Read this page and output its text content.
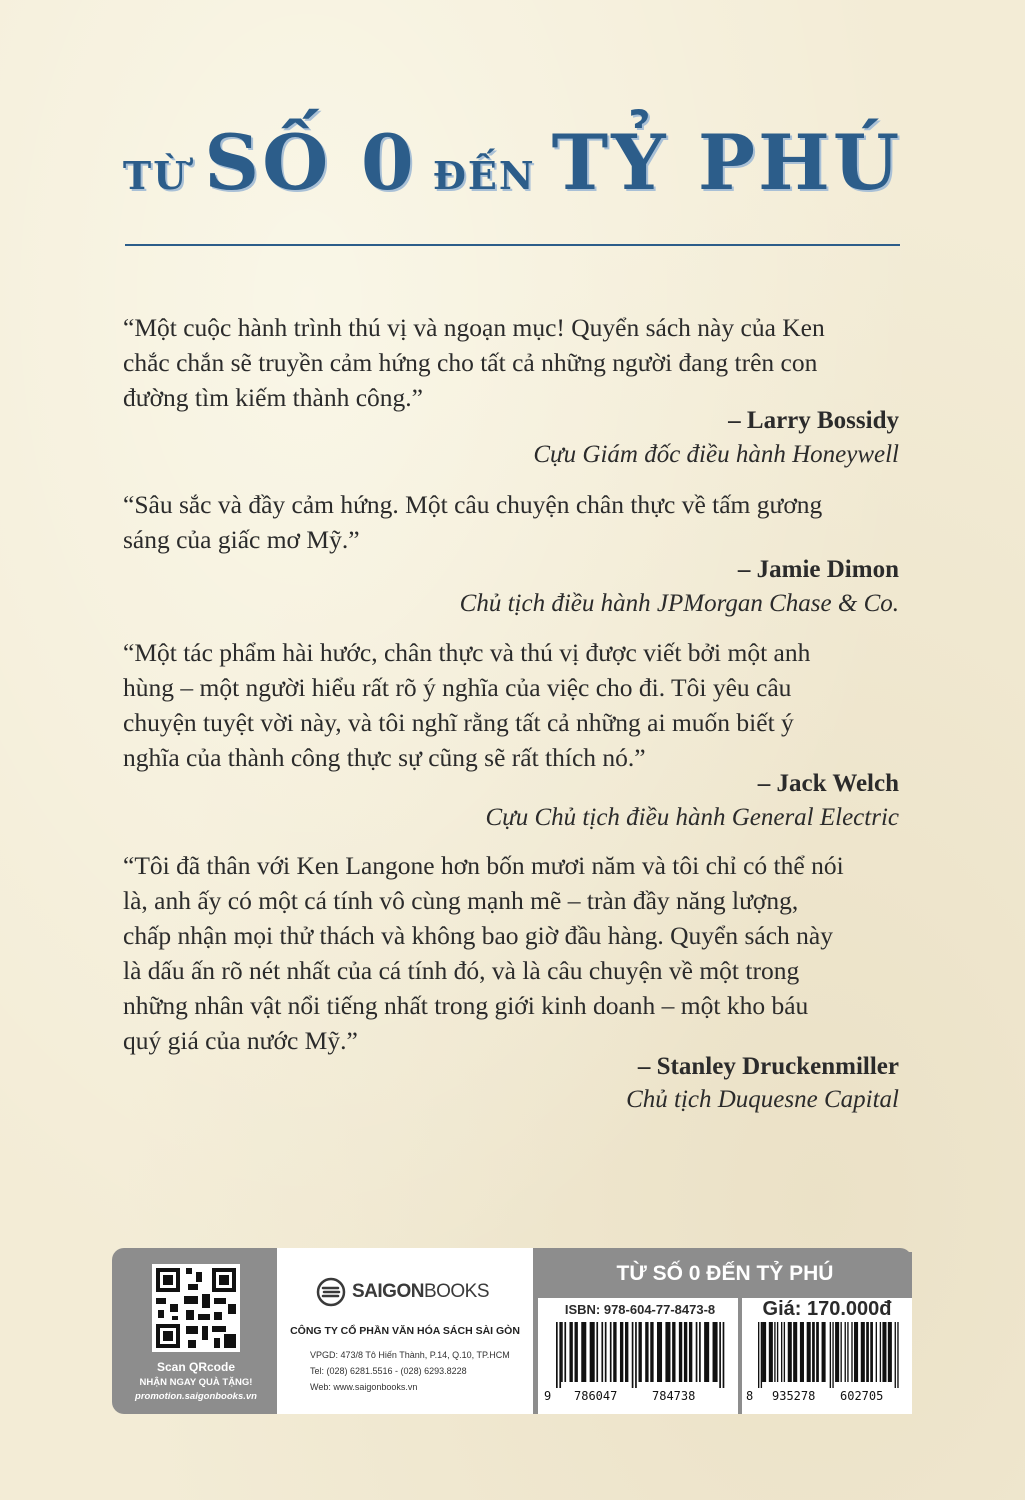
TỪ SỐ 0 ĐẾN TỶ PHÚ
“Một cuộc hành trình thú vị và ngoạn mục! Quyển sách này của Ken
chắc chắn sẽ truyền cảm hứng cho tất cả những người đang trên con
đường tìm kiếm thành công.”
– Larry Bossidy
Cựu Giám đốc điều hành Honeywell
“Sâu sắc và đầy cảm hứng. Một câu chuyện chân thực về tấm gương
sáng của giấc mơ Mỹ.”
– Jamie Dimon
Chủ tịch điều hành JPMorgan Chase & Co.
“Một tác phẩm hài hước, chân thực và thú vị được viết bởi một anh
hùng – một người hiểu rất rõ ý nghĩa của việc cho đi. Tôi yêu câu
chuyện tuyệt vời này, và tôi nghĩ rằng tất cả những ai muốn biết ý
nghĩa của thành công thực sự cũng sẽ rất thích nó.”
– Jack Welch
Cựu Chủ tịch điều hành General Electric
“Tôi đã thân với Ken Langone hơn bốn mươi năm và tôi chỉ có thể nói
là, anh ấy có một cá tính vô cùng mạnh mẽ – tràn đầy năng lượng,
chấp nhận mọi thử thách và không bao giờ đầu hàng. Quyển sách này
là dấu ấn rõ nét nhất của cá tính đó, và là câu chuyện về một trong
những nhân vật nổi tiếng nhất trong giới kinh doanh – một kho báu
quý giá của nước Mỹ.”
– Stanley Druckenmiller
Chủ tịch Duquesne Capital
Scan QRcode
NHẬN NGAY QUÀ TẶNG!
promotion.saigonbooks.vn
SAIGONBOOKS
CÔNG TY CỔ PHẦN VĂN HÓA SÁCH SÀI GÒN
VPGD: 473/8 Tô Hiến Thành, P.14, Q.10, TP.HCM
Tel: (028) 6281.5516 - (028) 6293.8228
Web: www.saigonbooks.vn
TỪ SỐ 0 ĐẾN TỶ PHÚ
ISBN: 978-604-77-8473-8	Giá: 170.000đ
9 786047	784738	8 935278 602705
